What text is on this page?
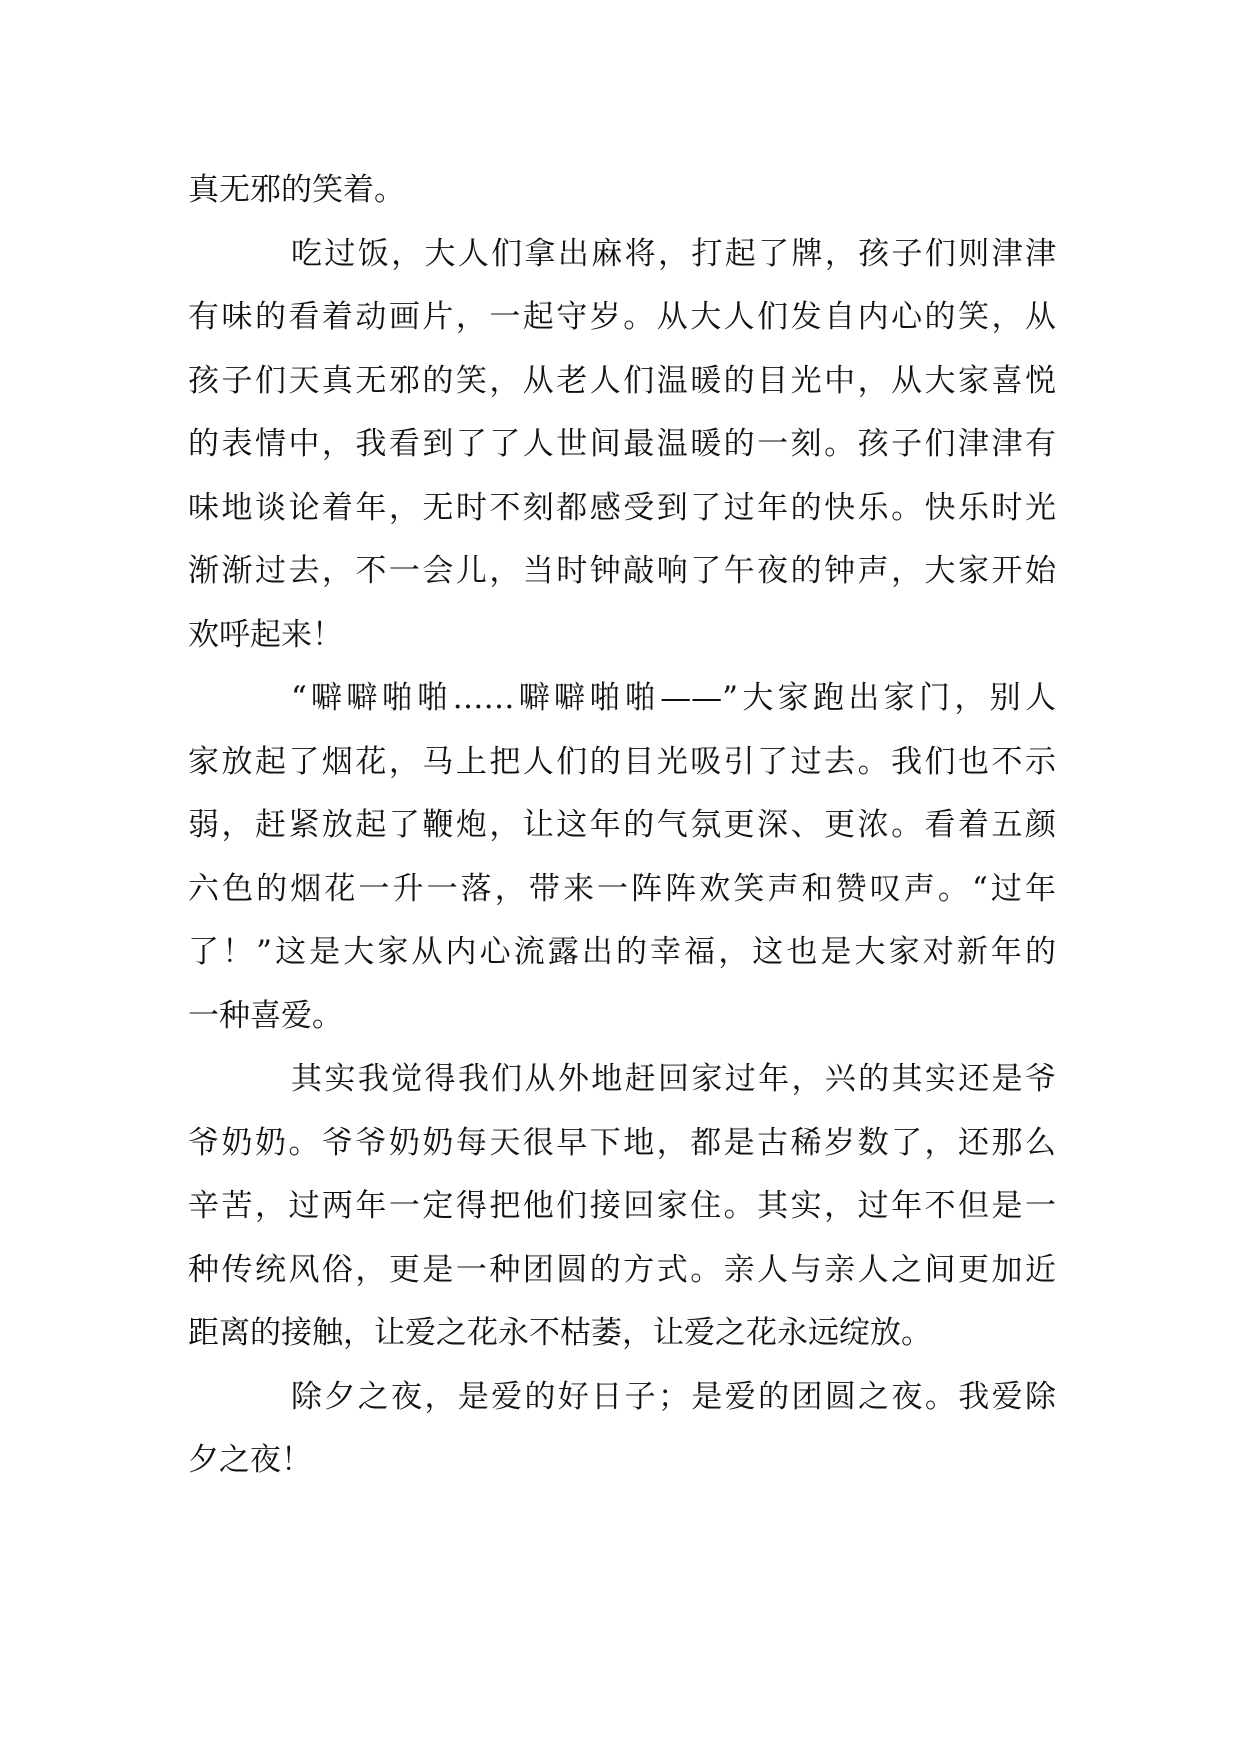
真无邪的笑着。
吃过饭，大人们拿出麻将，打起了牌，孩子们则津津
有味的看着动画片，一起守岁。从大人们发自内心的笑，从
孩子们天真无邪的笑，从老人们温暖的目光中，从大家喜悦
的表情中，我看到了了人世间最温暖的一刻。孩子们津津有
味地谈论着年，无时不刻都感受到了过年的快乐。快乐时光
渐渐过去，不一会儿，当时钟敲响了午夜的钟声，大家开始
欢呼起来！
“噼噼啪啪……噼噼啪啪——”大家跑出家门，别人
家放起了烟花，马上把人们的目光吸引了过去。我们也不示
弱，赶紧放起了鞭炮，让这年的气氛更深、更浓。看着五颜
六色的烟花一升一落，带来一阵阵欢笑声和赞叹声。“过年
了！”这是大家从内心流露出的幸福，这也是大家对新年的
一种喜爱。
其实我觉得我们从外地赶回家过年，兴的其实还是爷
爷奶奶。爷爷奶奶每天很早下地，都是古稀岁数了，还那么
辛苦，过两年一定得把他们接回家住。其实，过年不但是一
种传统风俗，更是一种团圆的方式。亲人与亲人之间更加近
距离的接触，让爱之花永不枯萎，让爱之花永远绽放。
除夕之夜，是爱的好日子；是爱的团圆之夜。我爱除
夕之夜！
